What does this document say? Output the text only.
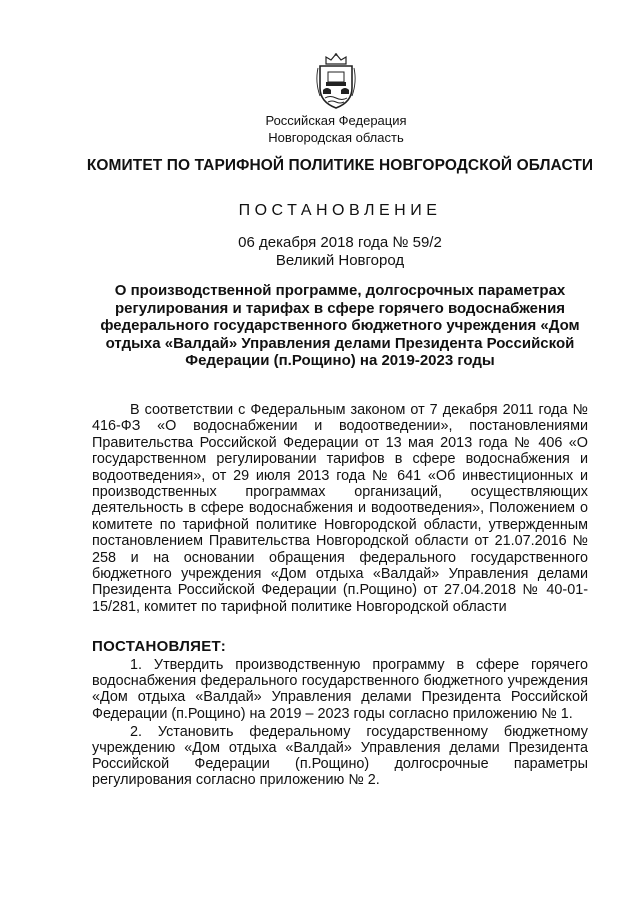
Российская Федерация
Новгородская область
КОМИТЕТ ПО ТАРИФНОЙ ПОЛИТИКЕ НОВГОРОДСКОЙ ОБЛАСТИ
ПОСТАНОВЛЕНИЕ
06 декабря 2018 года № 59/2
Великий Новгород
О производственной программе, долгосрочных параметрах регулирования и тарифах в сфере горячего водоснабжения федерального государственного бюджетного учреждения «Дом отдыха «Валдай» Управления делами Президента Российской Федерации (п.Рощино) на 2019-2023 годы

В соответствии с Федеральным законом от 7 декабря 2011 года № 416-ФЗ «О водоснабжении и водоотведении», постановлениями Правительства Российской Федерации от 13 мая 2013 года № 406 «О государственном регулировании тарифов в сфере водоснабжения и водоотведения», от 29 июля 2013 года № 641 «Об инвестиционных и производственных программах организаций, осуществляющих деятельность в сфере водоснабжения и водоотведения», Положением о комитете по тарифной политике Новгородской области, утвержденным постановлением Правительства Новгородской области от 21.07.2016 № 258 и на основании обращения федерального государственного бюджетного учреждения «Дом отдыха «Валдай» Управления делами Президента Российской Федерации (п.Рощино) от 27.04.2018 № 40-01-15/281, комитет по тарифной политике Новгородской области

ПОСТАНОВЛЯЕТ:

1. Утвердить производственную программу в сфере горячего водоснабжения федерального государственного бюджетного учреждения «Дом отдыха «Валдай» Управления делами Президента Российской Федерации (п.Рощино) на 2019 – 2023 годы согласно приложению № 1.

2. Установить федеральному государственному бюджетному учреждению «Дом отдыха «Валдай» Управления делами Президента Российской Федерации (п.Рощино) долгосрочные параметры регулирования согласно приложению № 2.
